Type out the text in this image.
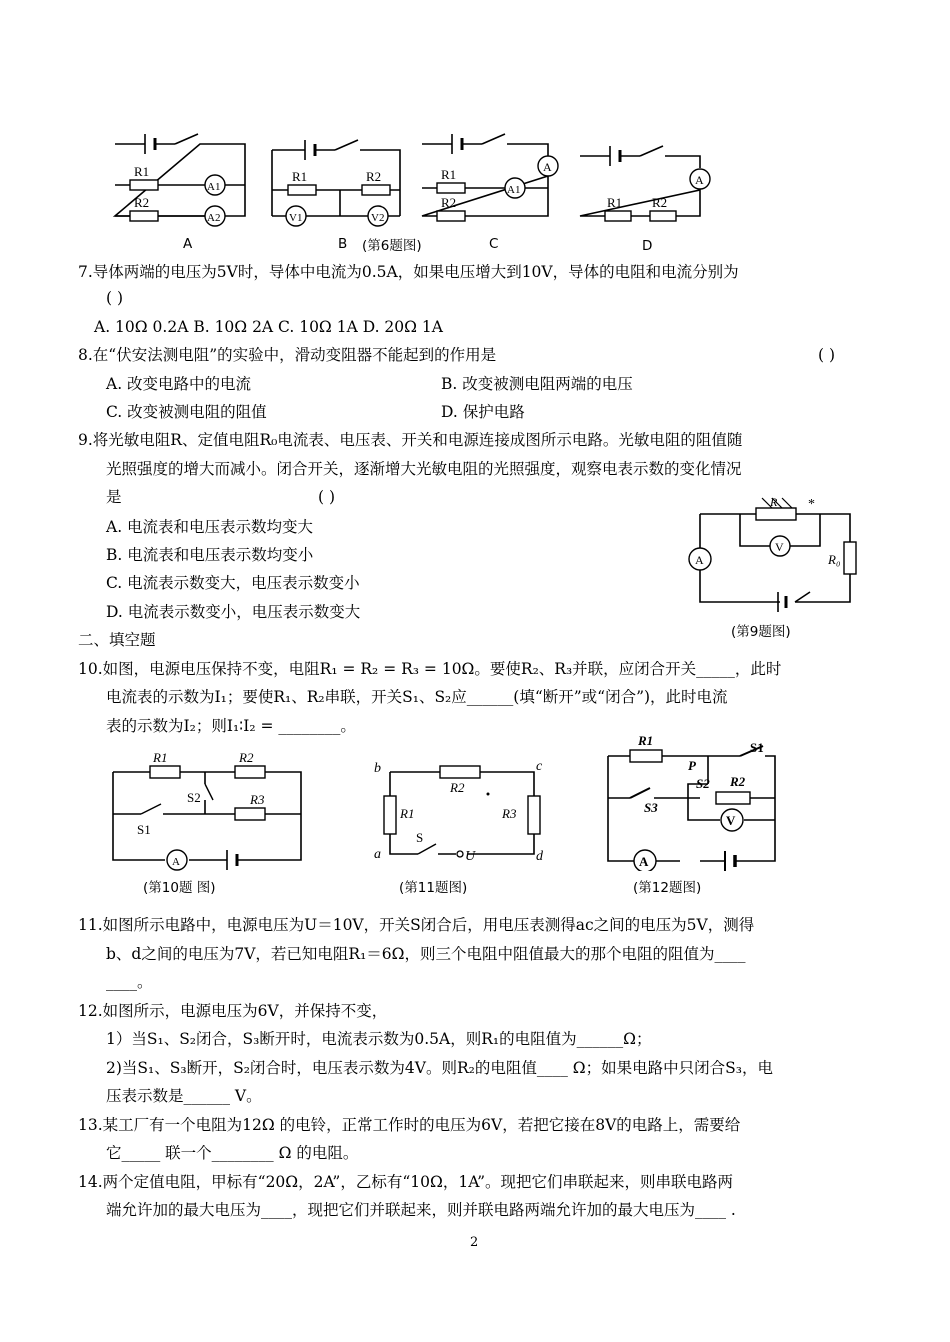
R1
R2
A1
A2
R1	R2
V1	V2
A
R1
R2
A1
A
R1 R2
A	B (第6题图)	C	D
7.导体两端的电压为5V时，导体中电流为0.5A，如果电压增大到10V，导体的电阻和电流分别为
( )
A. 10Ω 0.2A B. 10Ω 2A C. 10Ω 1A D. 20Ω 1A
8.在“伏安法测电阻”的实验中，滑动变阻器不能起到的作用是	( )
A. 改变电路中的电流	B. 改变被测电阻两端的电压
C. 改变被测电阻的阻值	D. 保护电路
9.将光敏电阻R、定值电阻R₀电流表、电压表、开关和电源连接成图所示电路。光敏电阻的阻值随
光照强度的增大而减小。闭合开关，逐渐增大光敏电阻的光照强度，观察电表示数的变化情况
是	( )
A. 电流表和电压表示数均变大
B. 电流表和电压表示数均变小
C. 电流表示数变大，电压表示数变小
D. 电流表示数变小，电压表示数变大
*
R
V
A	R₀
(第9题图)
二、填空题
10.如图，电源电压保持不变，电阻R₁ = R₂ = R₃ = 10Ω。要使R₂、R₃并联，应闭合开关_____，此时
电流表的示数为I₁；要使R₁、R₂串联，开关S₁、S₂应______(填“断开”或“闭合”)，此时电流
表的示数为I₂；则I₁∶I₂ = ________。
R1	R2
S2
S1
R3
A
(第10题 图)
b	c
a	d
R2
R1	R3
S
U
(第11题图)
R1	S1
S3
P
S2 R2
V
A
(第12题图)
11.如图所示电路中，电源电压为U＝10V，开关S闭合后，用电压表测得ac之间的电压为5V，测得
b、d之间的电压为7V，若已知电阻R₁＝6Ω，则三个电阻中阻值最大的那个电阻的阻值为____
____。
12.如图所示，电源电压为6V，并保持不变，
1）当S₁、S₂闭合，S₃断开时，电流表示数为0.5A，则R₁的电阻值为______Ω；
2)当S₁、S₃断开，S₂闭合时，电压表示数为4V。则R₂的电阻值____ Ω；如果电路中只闭合S₃，电
压表示数是______ V。
13.某工厂有一个电阻为12Ω 的电铃，正常工作时的电压为6V，若把它接在8V的电路上，需要给
它_____ 联一个________ Ω 的电阻。
14.两个定值电阻，甲标有“20Ω，2A”，乙标有“10Ω，1A”。现把它们串联起来，则串联电路两
端允许加的最大电压为____，现把它们并联起来，则并联电路两端允许加的最大电压为____ .
2
